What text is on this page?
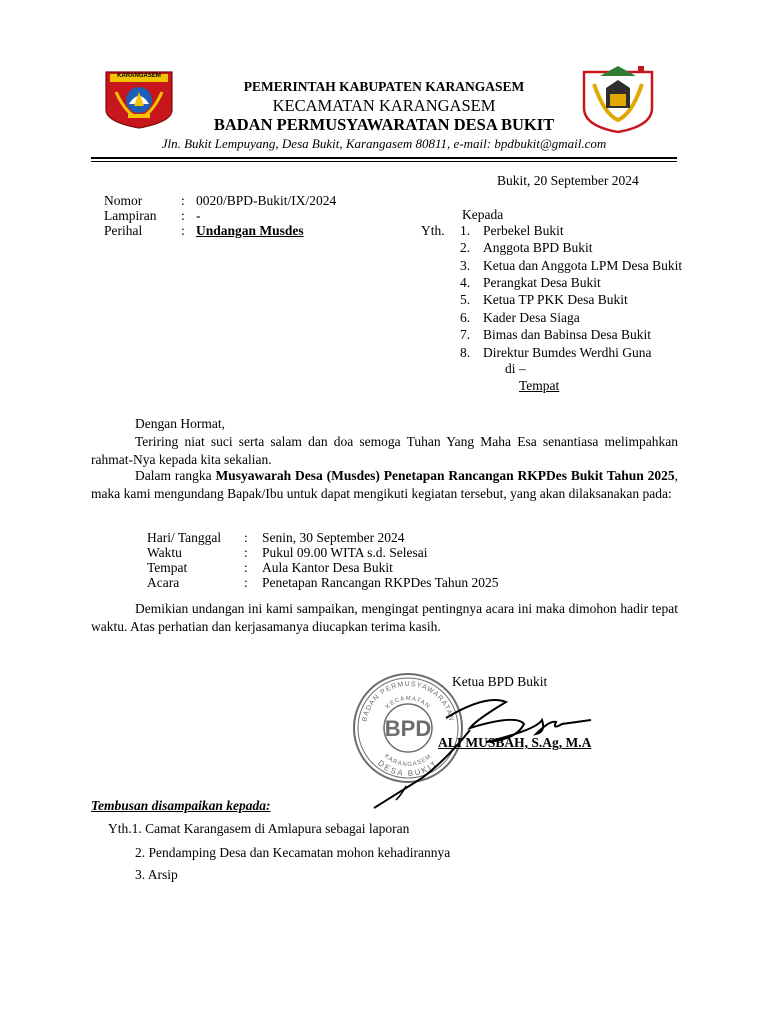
KARANGASEM
PEMERINTAH KABUPATEN KARANGASEM
KECAMATAN KARANGASEM
BADAN PERMUSYAWARATAN DESA BUKIT
Jln. Bukit Lempuyang, Desa Bukit, Karangasem 80811, e-mail: bpdbukit@gmail.com
Bukit, 20 September 2024
Nomor	: 0020/BPD-Bukit/IX/2024
Lampiran : -
Perihal	: Undangan Musdes
Kepada
Yth. 1. Perbekel Bukit
2. Anggota BPD Bukit
3. Ketua dan Anggota LPM Desa Bukit
4. Perangkat Desa Bukit
5. Ketua TP PKK Desa Bukit
6. Kader Desa Siaga
7. Bimas dan Babinsa Desa Bukit
8. Direktur Bumdes Werdhi Guna
di –
Tempat
Dengan Hormat,
Teriring niat suci serta salam dan doa semoga Tuhan Yang Maha Esa senantiasa melimpahkan rahmat-Nya kepada kita sekalian.
Dalam rangka Musyawarah Desa (Musdes) Penetapan Rancangan RKPDes Bukit Tahun 2025, maka kami mengundang Bapak/Ibu untuk dapat mengikuti kegiatan tersebut, yang akan dilaksanakan pada:
Hari/ Tanggal : Senin, 30 September 2024
Waktu	: Pukul 09.00 WITA s.d. Selesai
Tempat	: Aula Kantor Desa Bukit
Acara	: Penetapan Rancangan RKPDes Tahun 2025
Demikian undangan ini kami sampaikan, mengingat pentingnya acara ini maka dimohon hadir tepat waktu. Atas perhatian dan kerjasamanya diucapkan terima kasih.
BADAN PERMUSYAWARATAN
KECAMATAN
BPD
KARANGASEM
DESA BUKIT
Ketua BPD Bukit
ALI MUSBAH, S.Ag, M.A
Tembusan disampaikan kepada:
Yth.1. Camat Karangasem di Amlapura sebagai laporan
2. Pendamping Desa dan Kecamatan mohon kehadirannya
3. Arsip
